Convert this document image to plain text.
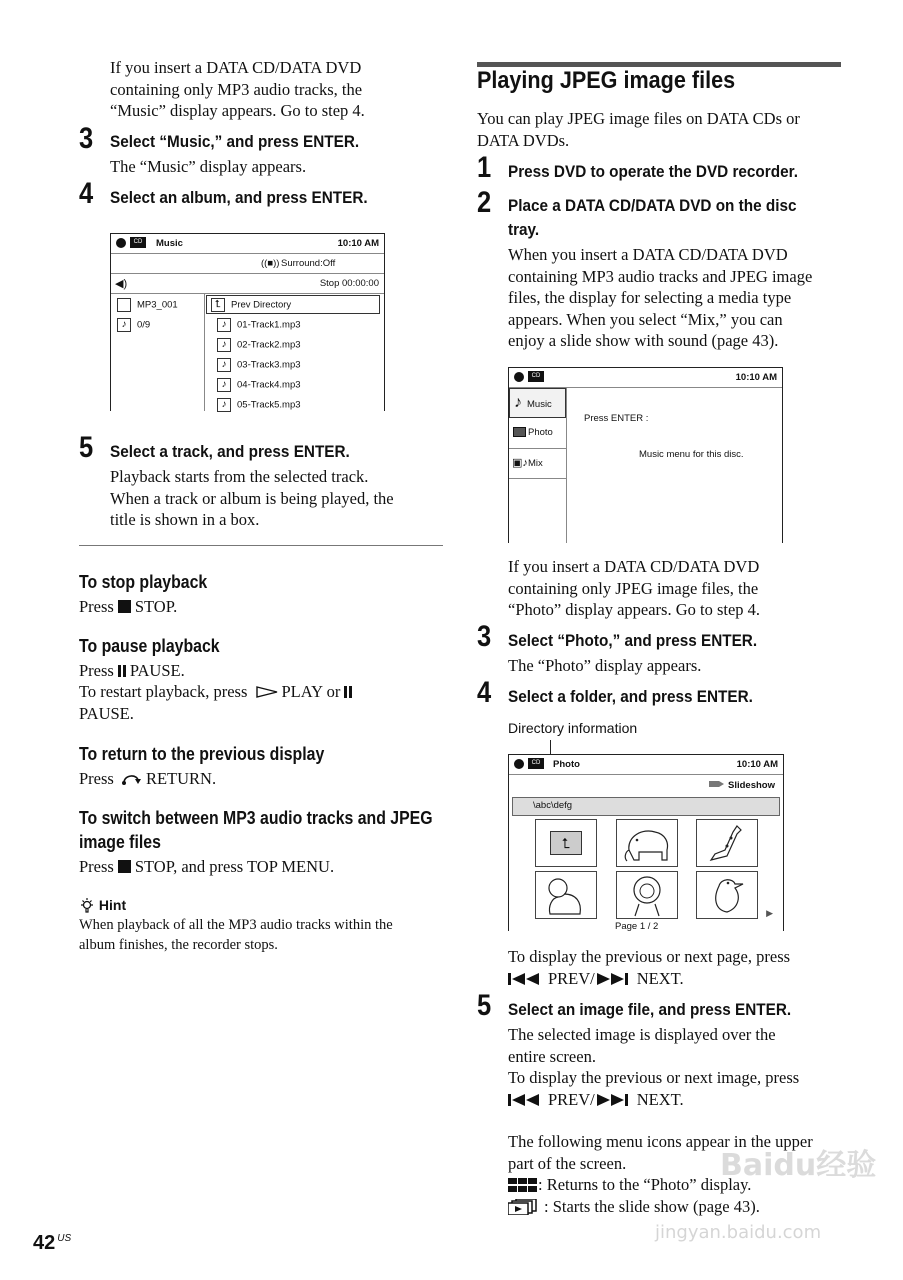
If you insert a DATA CD/DATA DVD
containing only MP3 audio tracks, the
“Music” display appears. Go to step 4.
3 Select “Music,” and press ENTER.
The “Music” display appears.
4 Select an album, and press ENTER.
CD	Music	10:10 AM
((■)) Surround:Off
◀)	Stop 00:00:00
MP3_001
♪ 0/9
⮤ Prev Directory
♪ 01-Track1.mp3
♪ 02-Track2.mp3
♪ 03-Track3.mp3
♪ 04-Track4.mp3
♪ 05-Track5.mp3
5 Select a track, and press ENTER.
Playback starts from the selected track.
When a track or album is being played, the
title is shown in a box.
To stop playback
Press STOP.
To pause playback
Press PAUSE.
To restart playback, press PLAY or
PAUSE.
To return to the previous display
Press RETURN.
To switch between MP3 audio tracks and JPEG
image files
Press STOP, and press TOP MENU.
Hint
When playback of all the MP3 audio tracks within the
album finishes, the recorder stops.
Playing JPEG image files
You can play JPEG image files on DATA CDs or
DATA DVDs.
1 Press DVD to operate the DVD recorder.
2 Place a DATA CD/DATA DVD on the disc
tray.
When you insert a DATA CD/DATA DVD
containing MP3 audio tracks and JPEG image
files, the display for selecting a media type
appears. When you select “Mix,” you can
enjoy a slide show with sound (page 43).
CD	10:10 AM
♪ Music
Photo
▣♪ Mix
Press ENTER :
Music menu for this disc.
If you insert a DATA CD/DATA DVD
containing only JPEG image files, the
“Photo” display appears. Go to step 4.
3 Select “Photo,” and press ENTER.
The “Photo” display appears.
4 Select a folder, and press ENTER.
Directory information
CD	Photo	10:10 AM
Slideshow
\abc\defg
⮤
▶
Page 1 / 2
To display the previous or next page, press
PREV/	NEXT.
5 Select an image file, and press ENTER.
The selected image is displayed over the
entire screen.
To display the previous or next image, press
PREV/	NEXT.
The following menu icons appear in the upper
part of the screen.
: Returns to the “Photo” display.
: Starts the slide show (page 43).
Baidu经验
jingyan.baidu.com
42 $^{US}$
